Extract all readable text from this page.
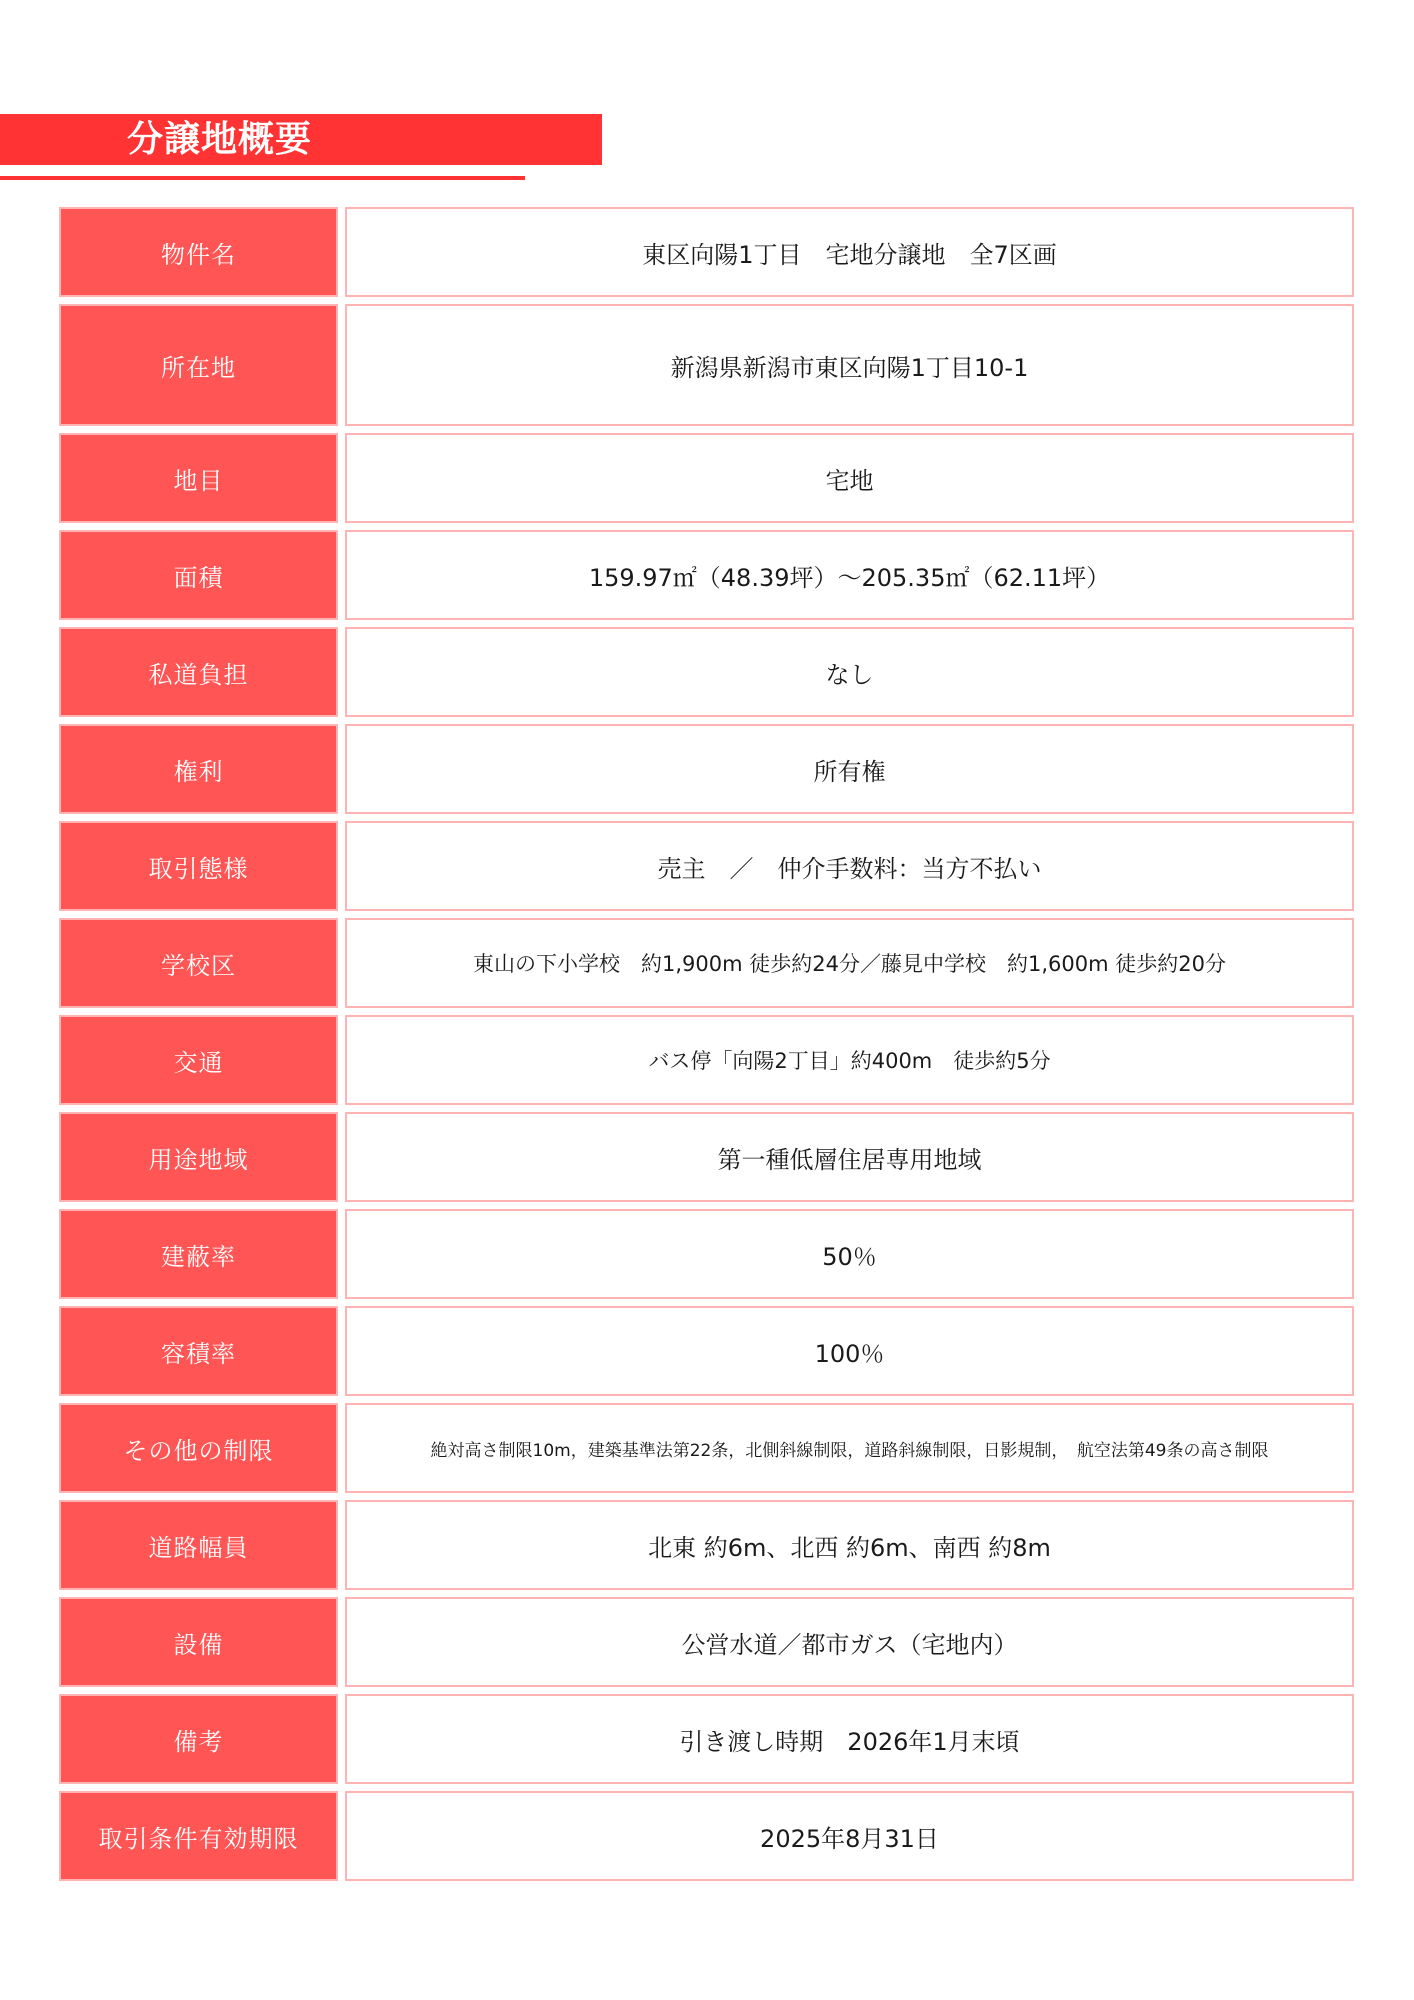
分譲地概要
物件名	東区向陽1丁目　宅地分譲地　全7区画
所在地	新潟県新潟市東区向陽1丁目10-1
地目	宅地
面積	159.97㎡（48.39坪）～205.35㎡（62.11坪）
私道負担	なし
権利	所有権
取引態様	売主　／　仲介手数料：当方不払い
学校区	東山の下小学校　約1,900m 徒歩約24分／藤見中学校　約1,600m 徒歩約20分
交通	バス停「向陽2丁目」約400m　徒歩約5分
用途地域	第一種低層住居専用地域
建蔽率	50％
容積率	100％
その他の制限	絶対高さ制限10m，建築基準法第22条，北側斜線制限，道路斜線制限，日影規制，　航空法第49条の高さ制限
道路幅員	北東 約6m、北西 約6m、南西 約8m
設備	公営水道／都市ガス（宅地内）
備考	引き渡し時期　2026年1月末頃
取引条件有効期限	2025年8月31日
